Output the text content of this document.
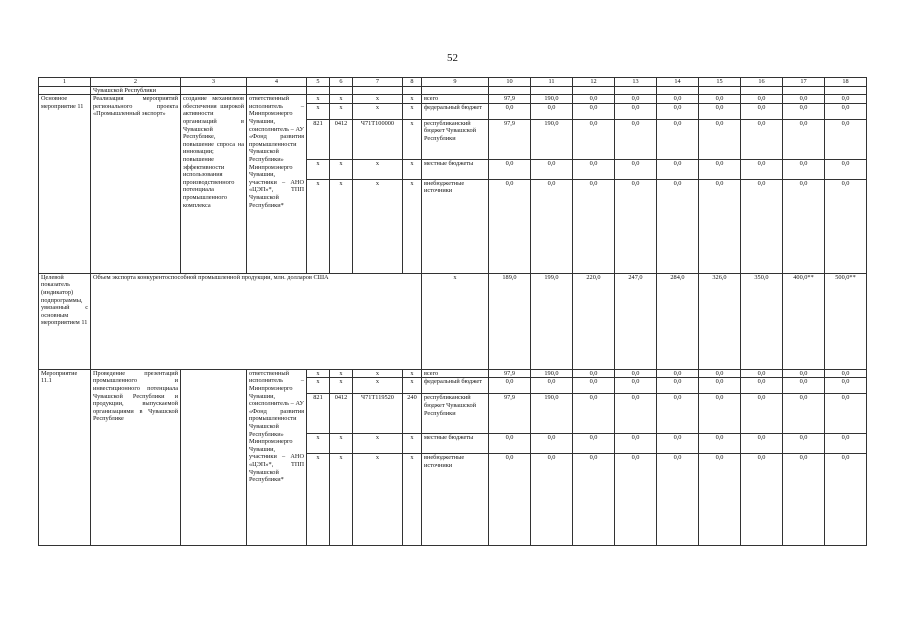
52
1	2	3	4	5	6	7	8	9	10	11	12	13	14	15	16	17	18
	Чувашской Республики																
Основное мероприятие 11	Реализация мероприятий регионального проекта «Промышленный экспорт»	создание механизмов обеспечения широкой активности организаций в Чувашской Республике, повышение спроса на инновации; повышение эффективности использования производственного потенциала промышленного комплекса	ответственный исполнитель – Минпромэнерго Чувашии, соисполнитель – АУ «Фонд развития промышленности Чувашской Республики» Минпромэнерго Чувашии, участники – АНО «ЦЭП»*, ТПП Чувашской Республики*	x	x	x	x	всего	97,9	190,0	0,0	0,0	0,0	0,0	0,0	0,0	0,0
				x	x	x	x	федеральный бюджет	0,0	0,0	0,0	0,0	0,0	0,0	0,0	0,0	0,0
				821	0412	Ч71Т100000	x	республиканский бюджет Чувашской Республики	97,9	190,0	0,0	0,0	0,0	0,0	0,0	0,0	0,0
				x	x	x	x	местные бюджеты	0,0	0,0	0,0	0,0	0,0	0,0	0,0	0,0	0,0
				x	x	x	x	внебюджетные источники	0,0	0,0	0,0	0,0	0,0	0,0	0,0	0,0	0,0
Целевой показатель (индикатор) подпрограммы, увязанный с основным мероприятием 11	Объем экспорта конкурентоспособной промышленной продукции, млн. долларов США							x	189,0	199,0	220,0	247,0	284,0	326,0	350,0	400,0**	500,0**
Мероприятие 11.1	Проведение презентаций промышленного и инвестиционного потенциала Чувашской Республики и продукции, выпускаемой организациями в Чувашской Республике		ответственный исполнитель – Минпромэнерго Чувашии, соисполнитель – АУ «Фонд развития промышленности Чувашской Республики» Минпромэнерго Чувашии, участники – АНО «ЦЭП»*, ТПП Чувашской Республики*	x	x	x	x	всего	97,9	190,0	0,0	0,0	0,0	0,0	0,0	0,0	0,0
				x	x	x	x	федеральный бюджет	0,0	0,0	0,0	0,0	0,0	0,0	0,0	0,0	0,0
				821	0412	Ч71Т119520	240	республиканский бюджет Чувашской Республики	97,9	190,0	0,0	0,0	0,0	0,0	0,0	0,0	0,0
				x	x	x	x	местные бюджеты	0,0	0,0	0,0	0,0	0,0	0,0	0,0	0,0	0,0
				x	x	x	x	внебюджетные источники	0,0	0,0	0,0	0,0	0,0	0,0	0,0	0,0	0,0
